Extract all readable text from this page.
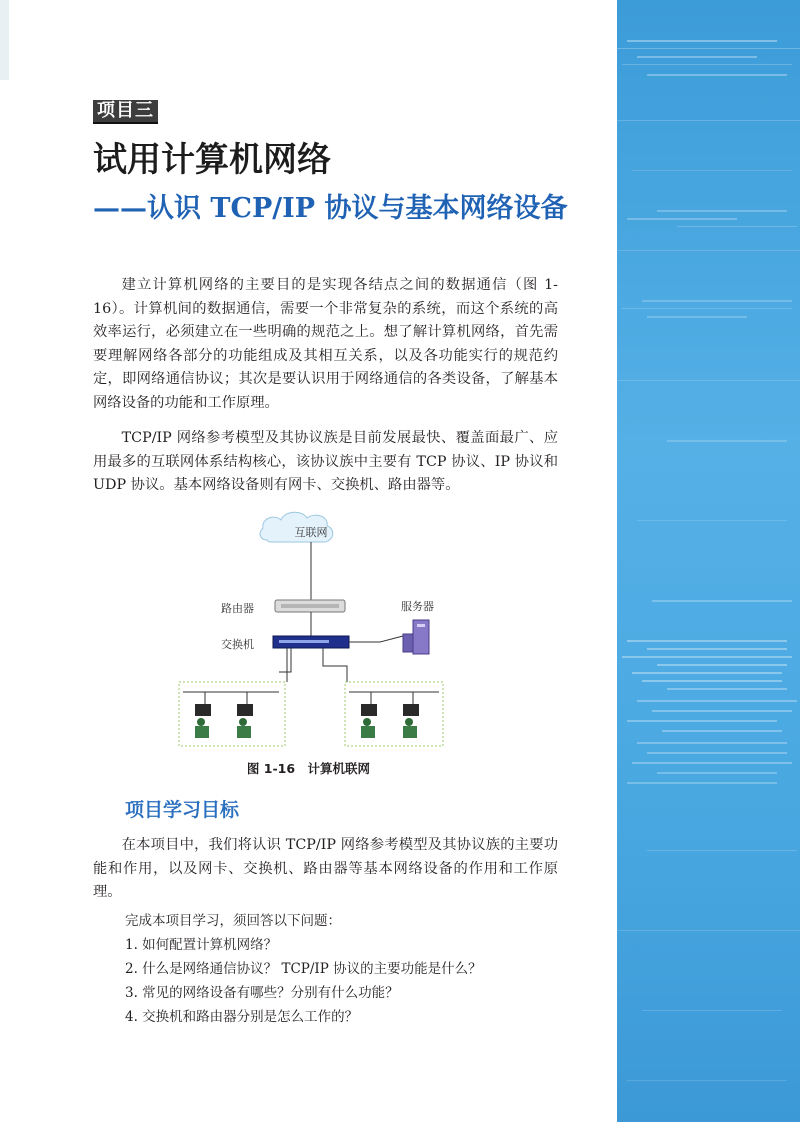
项目三
试用计算机网络
——认识 TCP/IP 协议与基本网络设备

建立计算机网络的主要目的是实现各结点之间的数据通信（图 1-16）。计算机间的数据通信，需要一个非常复杂的系统，而这个系统的高效率运行，必须建立在一些明确的规范之上。想了解计算机网络，首先需要理解网络各部分的功能组成及其相互关系，以及各功能实行的规范约定，即网络通信协议；其次是要认识用于网络通信的各类设备，了解基本网络设备的功能和工作原理。

TCP/IP 网络参考模型及其协议族是目前发展最快、覆盖面最广、应用最多的互联网体系结构核心，该协议族中主要有 TCP 协议、IP 协议和 UDP 协议。基本网络设备则有网卡、交换机、路由器等。

互联网
路由器
交换机
服务器
图 1-16　计算机联网
项目学习目标

在本项目中，我们将认识 TCP/IP 网络参考模型及其协议族的主要功能和作用，以及网卡、交换机、路由器等基本网络设备的作用和工作原理。

完成本项目学习，须回答以下问题：
1. 如何配置计算机网络？
2. 什么是网络通信协议？ TCP/IP 协议的主要功能是什么？
3. 常见的网络设备有哪些？分别有什么功能？
4. 交换机和路由器分别是怎么工作的？
